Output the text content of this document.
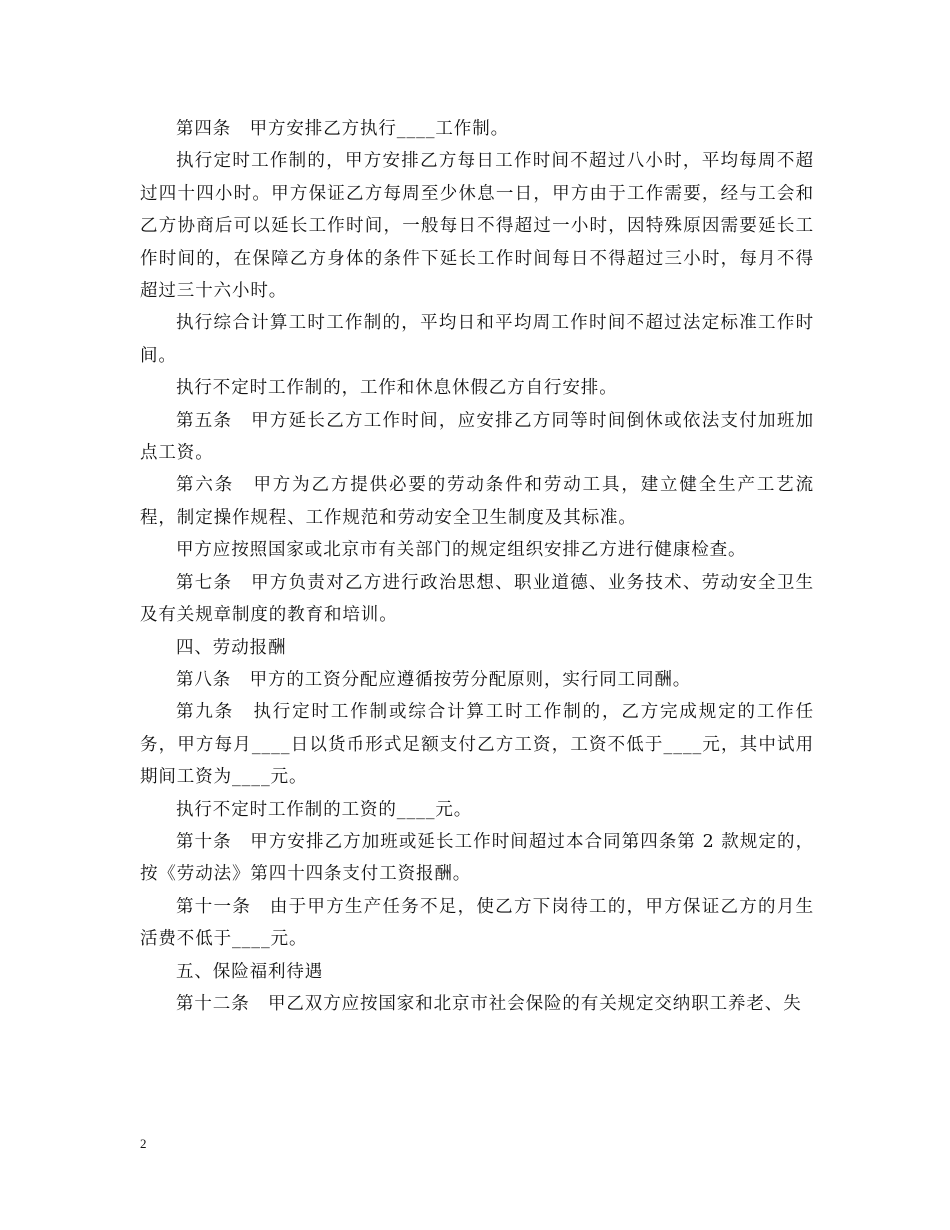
第四条　甲方安排乙方执行____工作制。

执行定时工作制的，甲方安排乙方每日工作时间不超过八小时，平均每周不超过四十四小时。甲方保证乙方每周至少休息一日，甲方由于工作需要，经与工会和乙方协商后可以延长工作时间，一般每日不得超过一小时，因特殊原因需要延长工作时间的，在保障乙方身体的条件下延长工作时间每日不得超过三小时，每月不得超过三十六小时。

执行综合计算工时工作制的，平均日和平均周工作时间不超过法定标准工作时间。

执行不定时工作制的，工作和休息休假乙方自行安排。

第五条　甲方延长乙方工作时间，应安排乙方同等时间倒休或依法支付加班加点工资。

第六条　甲方为乙方提供必要的劳动条件和劳动工具，建立健全生产工艺流程，制定操作规程、工作规范和劳动安全卫生制度及其标准。

甲方应按照国家或北京市有关部门的规定组织安排乙方进行健康检查。

第七条　甲方负责对乙方进行政治思想、职业道德、业务技术、劳动安全卫生及有关规章制度的教育和培训。

四、劳动报酬

第八条　甲方的工资分配应遵循按劳分配原则，实行同工同酬。

第九条　执行定时工作制或综合计算工时工作制的，乙方完成规定的工作任务，甲方每月____日以货币形式足额支付乙方工资，工资不低于____元，其中试用期间工资为____元。

执行不定时工作制的工资的____元。

第十条　甲方安排乙方加班或延长工作时间超过本合同第四条第 2 款规定的，按《劳动法》第四十四条支付工资报酬。

第十一条　由于甲方生产任务不足，使乙方下岗待工的，甲方保证乙方的月生活费不低于____元。

五、保险福利待遇

第十二条　甲乙双方应按国家和北京市社会保险的有关规定交纳职工养老、失

2
